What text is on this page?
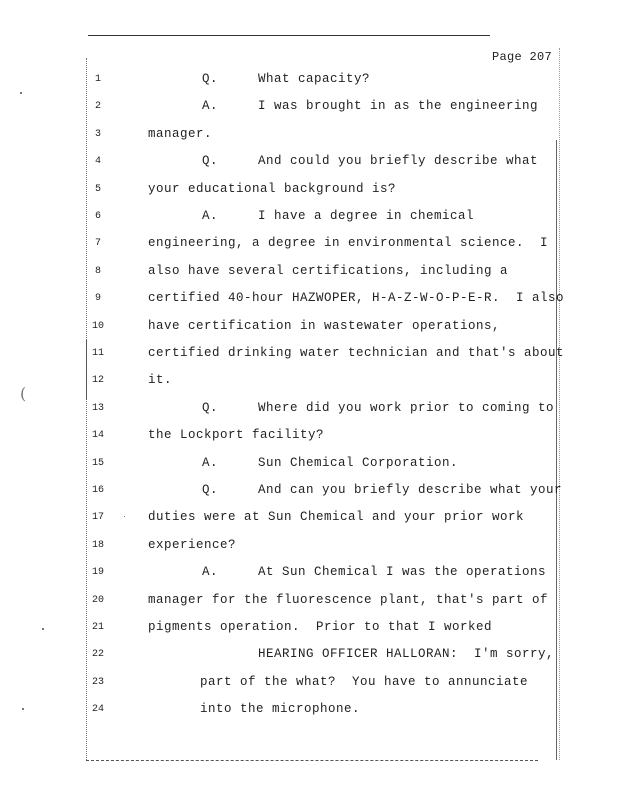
Page 207
1	Q.     What capacity?
2	A.     I was brought in as the engineering
3	manager.
4	Q.     And could you briefly describe what
5	your educational background is?
6	A.     I have a degree in chemical
7	engineering, a degree in environmental science.  I
8	also have several certifications, including a
9	certified 40-hour HAZWOPER, H-A-Z-W-O-P-E-R.  I also
10	have certification in wastewater operations,
11	certified drinking water technician and that's about
12	it.
13	Q.     Where did you work prior to coming to
14	the Lockport facility?
15	A.     Sun Chemical Corporation.
16	Q.     And can you briefly describe what your
17	duties were at Sun Chemical and your prior work
18	experience?
19	A.     At Sun Chemical I was the operations
20	manager for the fluorescence plant, that's part of
21	pigments operation.  Prior to that I worked
22	HEARING OFFICER HALLORAN:  I'm sorry,
23	part of the what?  You have to annunciate
24	into the microphone.
(
